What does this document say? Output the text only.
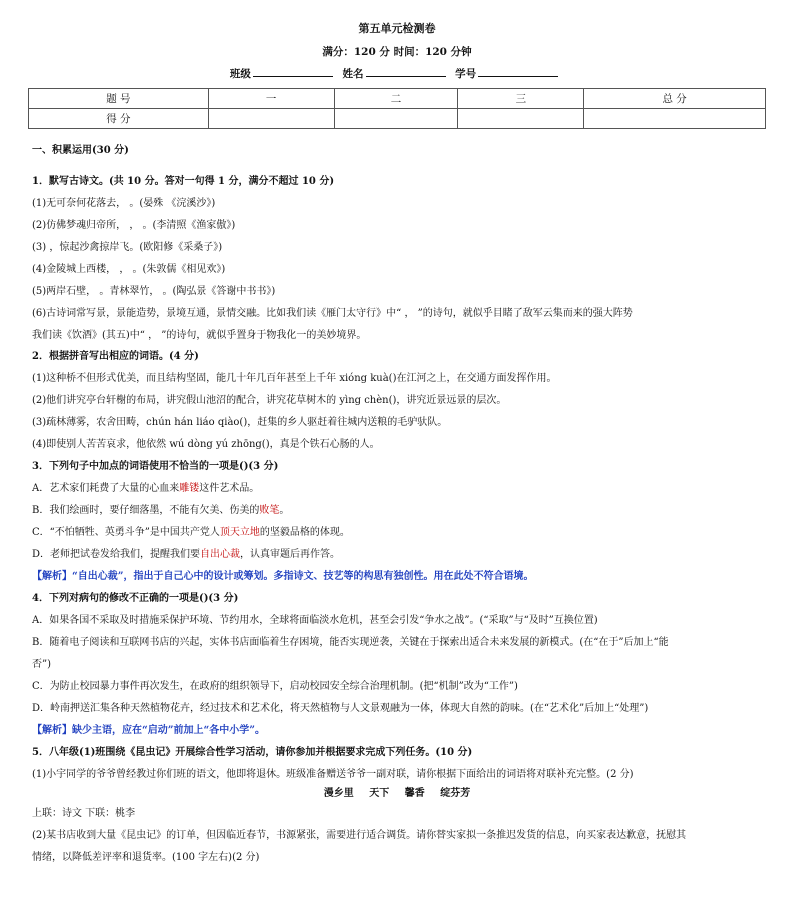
第五单元检测卷
满分：120 分 时间：120 分钟
班级	姓名	学号
题 号	一	二	三	总 分
得 分				
一、积累运用(30 分)
1．默写古诗文。(共 10 分。答对一句得 1 分，满分不超过 10 分)
(1)无可奈何花落去， 。(晏殊 《浣溪沙》)
(2)仿佛梦魂归帝所， ， 。(李清照《渔家傲》)
(3) ，惊起沙禽掠岸飞。(欧阳修《采桑子》)
(4)金陵城上西楼， ， 。(朱敦儒《相见欢》)
(5)两岸石壁， 。青林翠竹， 。(陶弘景《答谢中书书》)
(6)古诗词常写景，景能造势，景境互通，景情交融。比如我们读《雁门太守行》中“ ， ”的诗句，就似乎目睹了敌军云集而来的强大阵势
我们读《饮酒》(其五)中“ ， ”的诗句，就似乎置身于物我化一的美妙境界。
2．根据拼音写出相应的词语。(4 分)
(1)这种桥不但形式优美，而且结构坚固，能几十年几百年甚至上千年 xióng kuà()在江河之上，在交通方面发挥作用。
(2)他们讲究亭台轩榭的布局，讲究假山池沼的配合，讲究花草树木的 yìng chèn()，讲究近景远景的层次。
(3)疏林薄雾，农舍田畴，chún hán liáo qiào()，赶集的乡人驱赶着往城内送粮的毛驴驮队。
(4)即使别人苦苦哀求，他依然 wú dòng yú zhōng()，真是个铁石心肠的人。
3．下列句子中加点的词语使用不恰当的一项是()(3 分)
A．艺术家们耗费了大量的心血来雕镂这件艺术品。
B．我们绘画时，要仔细落墨，不能有欠美、伤美的败笔。
C．“不怕牺牲、英勇斗争”是中国共产党人顶天立地的坚毅品格的体现。
D．老师把试卷发给我们，提醒我们要自出心裁，认真审题后再作答。
【解析】“自出心裁”，指出于自己心中的设计或筹划。多指诗文、技艺等的构思有独创性。用在此处不符合语境。
4．下列对病句的修改不正确的一项是()(3 分)
A．如果各国不采取及时措施采保护环境、节约用水，全球将面临淡水危机，甚至会引发“争水之战”。(“采取”与“及时”互换位置)
B．随着电子阅读和互联网书店的兴起，实体书店面临着生存困境，能否实现逆袭，关键在于探索出适合未来发展的新模式。(在“在于”后加上“能
否”)
C．为防止校园暴力事件再次发生，在政府的组织领导下，启动校园安全综合治理机制。(把“机制”改为“工作”)
D．岭南押送汇集各种天然植物花卉，经过技术和艺术化，将天然植物与人文景观融为一体，体现大自然的韵味。(在“艺术化”后加上“处理”)
【解析】缺少主语，应在“启动”前加上“各中小学”。
5．八年级(1)班围绕《昆虫记》开展综合性学习活动，请你参加并根据要求完成下列任务。(10 分)
(1)小宇同学的爷爷曾经教过你们班的语文，他即将退休。班级准备赠送爷爷一副对联，请你根据下面给出的词语将对联补充完整。(2 分)
漫乡里 天下 馨香 绽芬芳
上联：诗文 下联：桃李
(2)某书店收到大量《昆虫记》的订单，但因临近春节，书源紧张，需要进行适合调货。请你替实家拟一条推迟发货的信息，向买家表达歉意，抚慰其
情绪，以降低差评率和退货率。(100 字左右)(2 分)
